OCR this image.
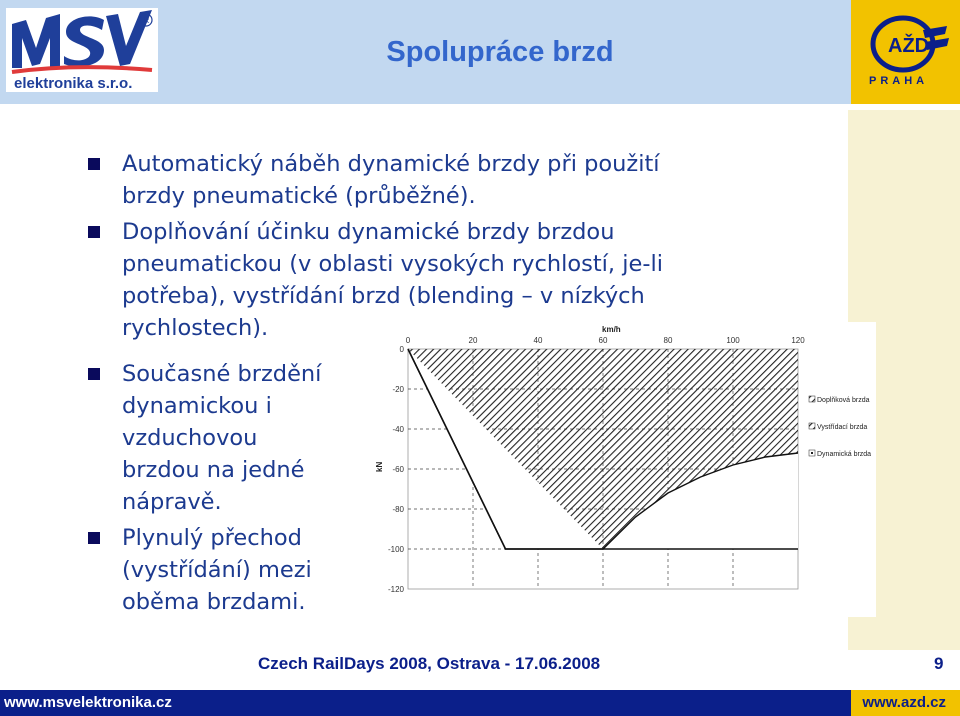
R
elektronika s.r.o.
Spolupráce brzd	AŽD
PRAHA
Automatický náběh dynamické brzdy při použití
brzdy pneumatické (průběžné).
Doplňování účinku dynamické brzdy brzdou
pneumatickou (v oblasti vysokých rychlostí, je-li
potřeba), vystřídání brzd (blending – v nízkých
rychlostech).
Současné brzdění
dynamickou i
vzduchovou
brzdou na jedné
nápravě.
Plynulý přechod
(vystřídání) mezi
oběma brzdami.
0	20	40	60	80	100	120
0
-20
-40
-60
-80
-100
-120
km/h
kN
Doplňková brzda
Vystřídací brzda
Dynamická brzda
Czech RailDays 2008, Ostrava - 17.06.2008	9
www.msvelektronika.cz	www.azd.cz
